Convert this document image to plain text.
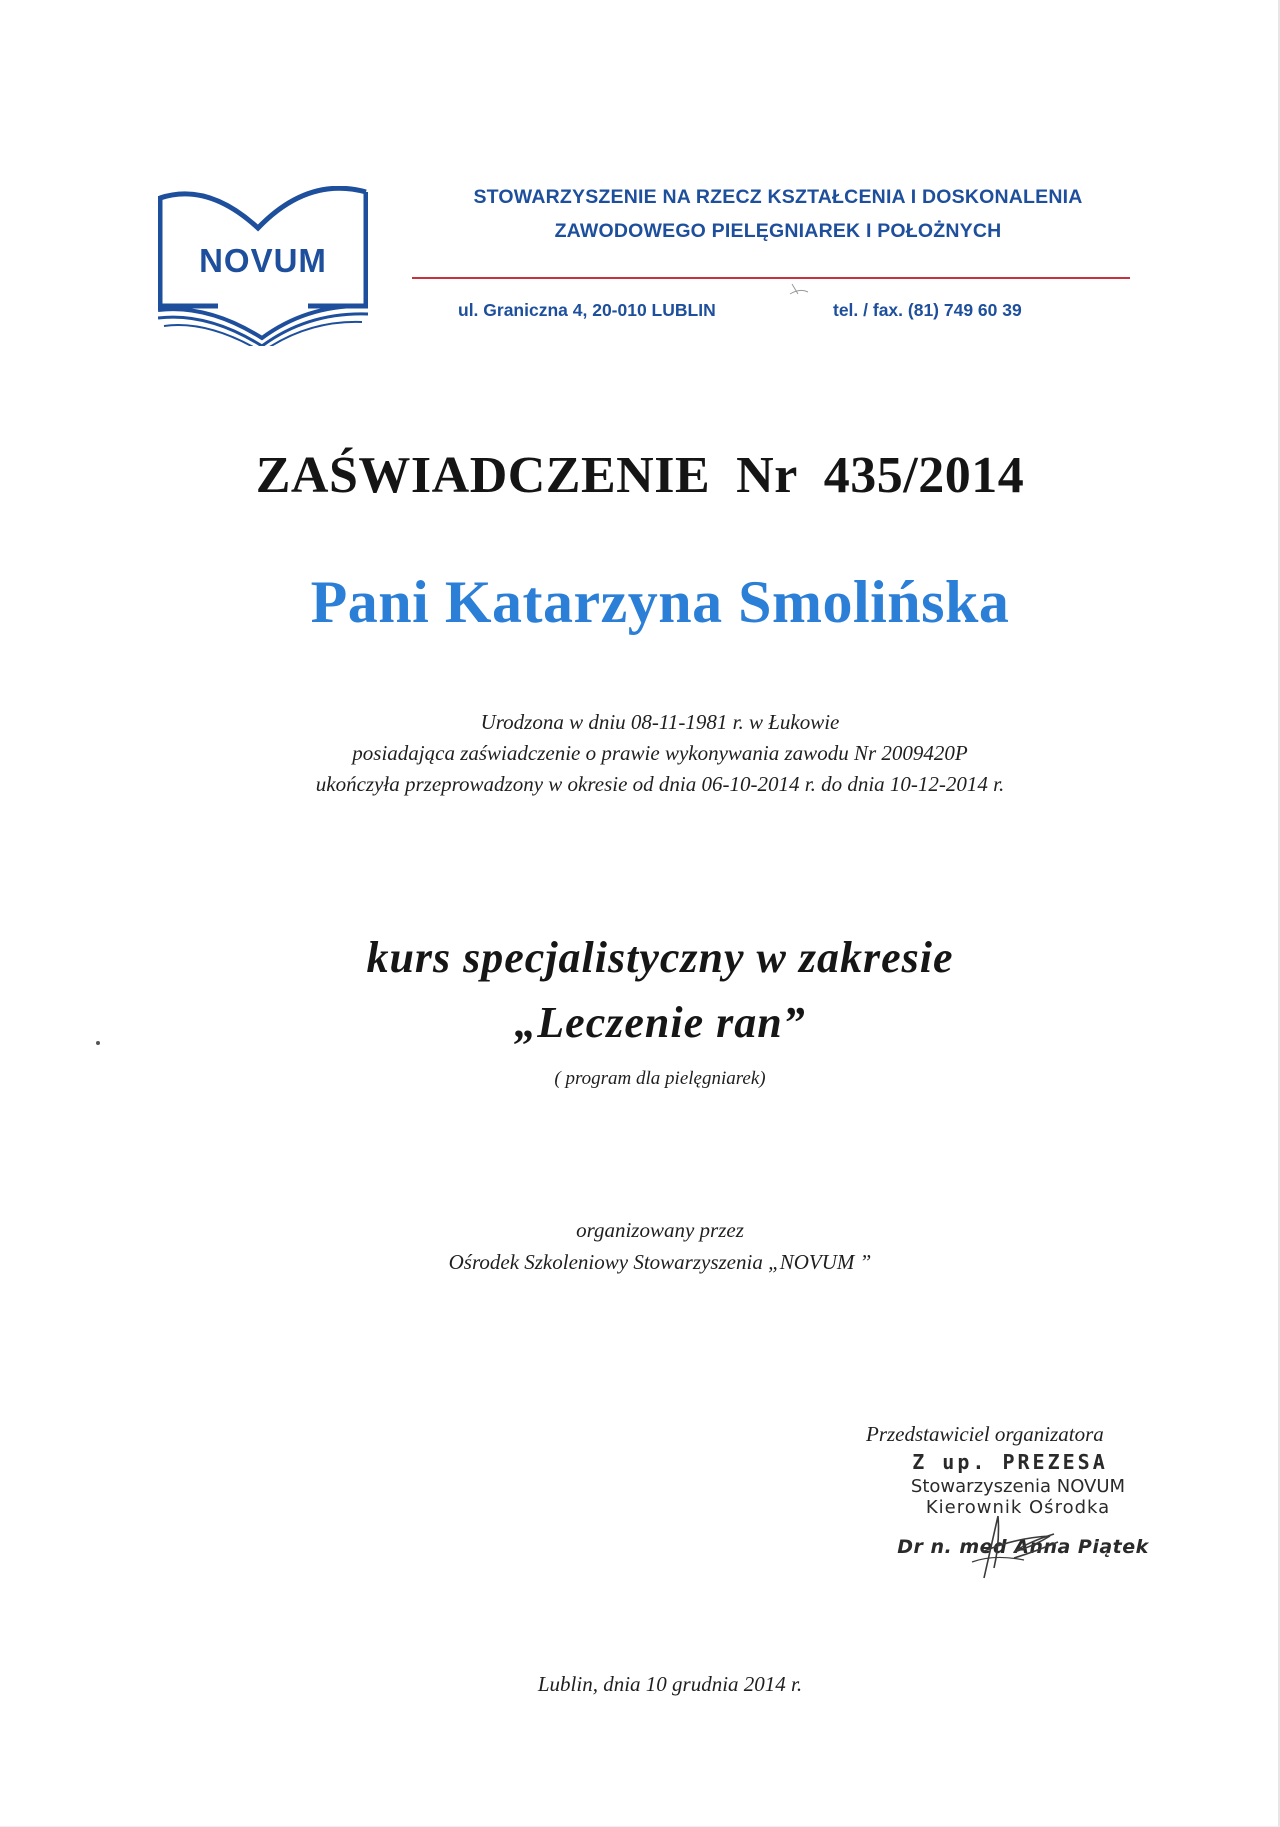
NOVUM
STOWARZYSZENIE NA RZECZ KSZTAŁCENIA I DOSKONALENIA
ZAWODOWEGO PIELĘGNIAREK I POŁOŻNYCH
ul. Graniczna 4, 20-010 LUBLIN	tel. / fax. (81) 749 60 39
ZAŚWIADCZENIE Nr 435/2014
Pani Katarzyna Smolińska
Urodzona w dniu 08-11-1981 r. w Łukowie
posiadająca zaświadczenie o prawie wykonywania zawodu Nr 2009420P
ukończyła przeprowadzony w okresie od dnia 06-10-2014 r. do dnia 10-12-2014 r.
kurs specjalistyczny w zakresie
„Leczenie ran”
( program dla pielęgniarek)
organizowany przez
Ośrodek Szkoleniowy Stowarzyszenia „NOVUM ”
Przedstawiciel organizatora
Z up. PREZESA
Stowarzyszenia NOVUM
Kierownik Ośrodka
Dr n. med Anna Piątek
Lublin, dnia 10 grudnia 2014 r.
